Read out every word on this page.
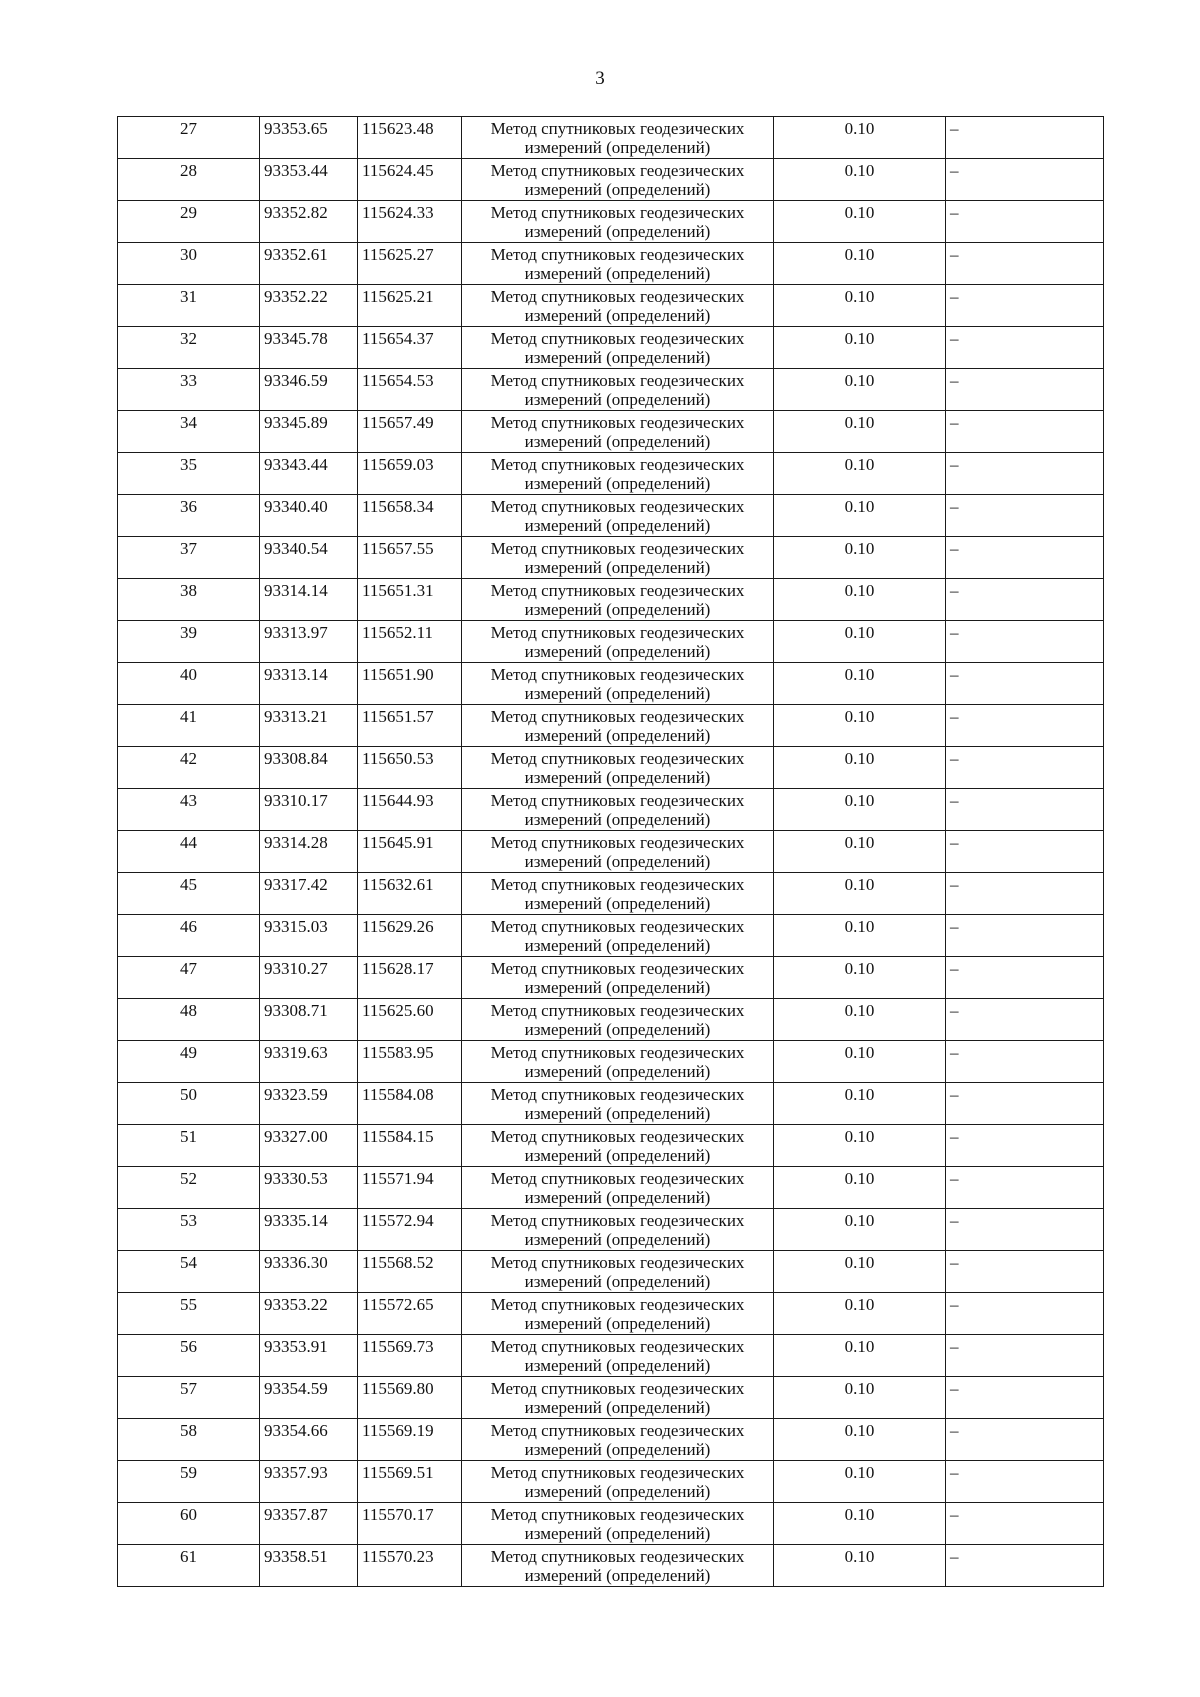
3
27	93353.65	115623.48	Метод спутниковых геодезических измерений (определений)	0.10	–
28	93353.44	115624.45	Метод спутниковых геодезических измерений (определений)	0.10	–
29	93352.82	115624.33	Метод спутниковых геодезических измерений (определений)	0.10	–
30	93352.61	115625.27	Метод спутниковых геодезических измерений (определений)	0.10	–
31	93352.22	115625.21	Метод спутниковых геодезических измерений (определений)	0.10	–
32	93345.78	115654.37	Метод спутниковых геодезических измерений (определений)	0.10	–
33	93346.59	115654.53	Метод спутниковых геодезических измерений (определений)	0.10	–
34	93345.89	115657.49	Метод спутниковых геодезических измерений (определений)	0.10	–
35	93343.44	115659.03	Метод спутниковых геодезических измерений (определений)	0.10	–
36	93340.40	115658.34	Метод спутниковых геодезических измерений (определений)	0.10	–
37	93340.54	115657.55	Метод спутниковых геодезических измерений (определений)	0.10	–
38	93314.14	115651.31	Метод спутниковых геодезических измерений (определений)	0.10	–
39	93313.97	115652.11	Метод спутниковых геодезических измерений (определений)	0.10	–
40	93313.14	115651.90	Метод спутниковых геодезических измерений (определений)	0.10	–
41	93313.21	115651.57	Метод спутниковых геодезических измерений (определений)	0.10	–
42	93308.84	115650.53	Метод спутниковых геодезических измерений (определений)	0.10	–
43	93310.17	115644.93	Метод спутниковых геодезических измерений (определений)	0.10	–
44	93314.28	115645.91	Метод спутниковых геодезических измерений (определений)	0.10	–
45	93317.42	115632.61	Метод спутниковых геодезических измерений (определений)	0.10	–
46	93315.03	115629.26	Метод спутниковых геодезических измерений (определений)	0.10	–
47	93310.27	115628.17	Метод спутниковых геодезических измерений (определений)	0.10	–
48	93308.71	115625.60	Метод спутниковых геодезических измерений (определений)	0.10	–
49	93319.63	115583.95	Метод спутниковых геодезических измерений (определений)	0.10	–
50	93323.59	115584.08	Метод спутниковых геодезических измерений (определений)	0.10	–
51	93327.00	115584.15	Метод спутниковых геодезических измерений (определений)	0.10	–
52	93330.53	115571.94	Метод спутниковых геодезических измерений (определений)	0.10	–
53	93335.14	115572.94	Метод спутниковых геодезических измерений (определений)	0.10	–
54	93336.30	115568.52	Метод спутниковых геодезических измерений (определений)	0.10	–
55	93353.22	115572.65	Метод спутниковых геодезических измерений (определений)	0.10	–
56	93353.91	115569.73	Метод спутниковых геодезических измерений (определений)	0.10	–
57	93354.59	115569.80	Метод спутниковых геодезических измерений (определений)	0.10	–
58	93354.66	115569.19	Метод спутниковых геодезических измерений (определений)	0.10	–
59	93357.93	115569.51	Метод спутниковых геодезических измерений (определений)	0.10	–
60	93357.87	115570.17	Метод спутниковых геодезических измерений (определений)	0.10	–
61	93358.51	115570.23	Метод спутниковых геодезических измерений (определений)	0.10	–
